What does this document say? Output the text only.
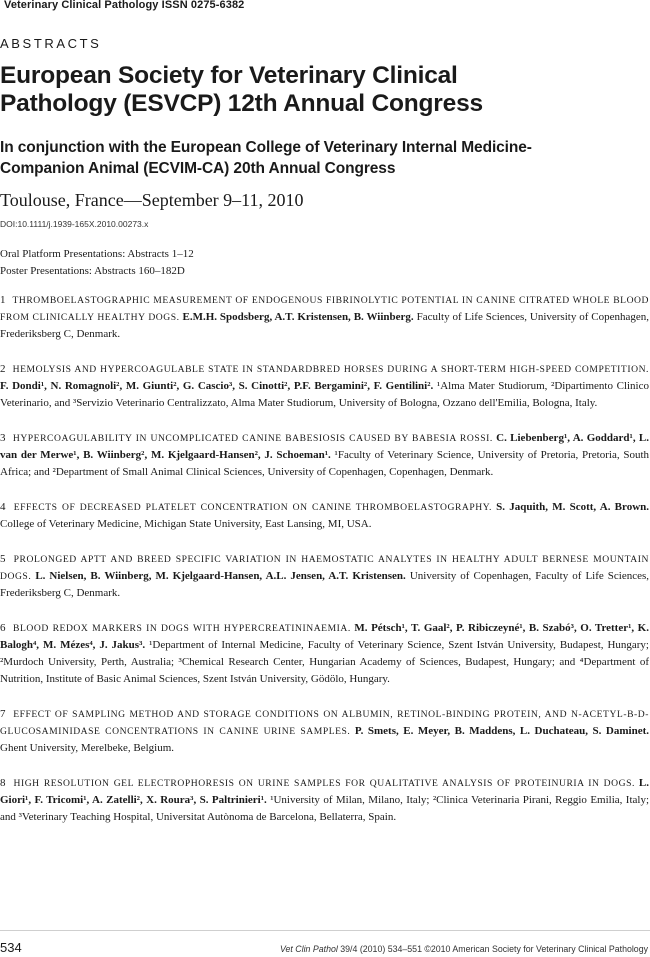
Veterinary Clinical Pathology ISSN 0275-6382
ABSTRACTS
European Society for Veterinary Clinical
Pathology (ESVCP) 12th Annual Congress
In conjunction with the European College of Veterinary Internal Medicine-
Companion Animal (ECVIM-CA) 20th Annual Congress
Toulouse, France—September 9–11, 2010
DOI:10.1111/j.1939-165X.2010.00273.x
Oral Platform Presentations: Abstracts 1–12
Poster Presentations: Abstracts 160–182D

1 THROMBOELASTOGRAPHIC MEASUREMENT OF ENDOGENOUS FIBRINOLYTIC POTENTIAL IN CANINE CITRATED WHOLE BLOOD FROM CLINICALLY HEALTHY DOGS. E.M.H. Spodsberg, A.T. Kristensen, B. Wiinberg. Faculty of Life Sciences, University of Copenhagen, Frederiksberg C, Denmark.

2 HEMOLYSIS AND HYPERCOAGULABLE STATE IN STANDARDBRED HORSES DURING A SHORT-TERM HIGH-SPEED COMPETITION. F. Dondi¹, N. Romagnoli², M. Giunti², G. Cascio³, S. Cinotti², P.F. Bergamini², F. Gentilini². ¹Alma Mater Studiorum, ²Dipartimento Clinico Veterinario, and ³Servizio Veterinario Centralizzato, Alma Mater Studiorum, University of Bologna, Ozzano dell'Emilia, Bologna, Italy.

3 HYPERCOAGULABILITY IN UNCOMPLICATED CANINE BABESIOSIS CAUSED BY BABESIA ROSSI. C. Liebenberg¹, A. Goddard¹, L. van der Merwe¹, B. Wiinberg², M. Kjelgaard-Hansen², J. Schoeman¹. ¹Faculty of Veterinary Science, University of Pretoria, Pretoria, South Africa; and ²Department of Small Animal Clinical Sciences, University of Copenhagen, Copenhagen, Denmark.

4 EFFECTS OF DECREASED PLATELET CONCENTRATION ON CANINE THROMBOELASTOGRAPHY. S. Jaquith, M. Scott, A. Brown. College of Veterinary Medicine, Michigan State University, East Lansing, MI, USA.

5 PROLONGED APTT AND BREED SPECIFIC VARIATION IN HAEMOSTATIC ANALYTES IN HEALTHY ADULT BERNESE MOUNTAIN DOGS. L. Nielsen, B. Wiinberg, M. Kjelgaard-Hansen, A.L. Jensen, A.T. Kristensen. University of Copenhagen, Faculty of Life Sciences, Frederiksberg C, Denmark.

6 BLOOD REDOX MARKERS IN DOGS WITH HYPERCREATININAEMIA. M. Pétsch¹, T. Gaal², P. Ribiczeyné¹, B. Szabó³, O. Tretter¹, K. Balogh⁴, M. Mézes⁴, J. Jakus³. ¹Department of Internal Medicine, Faculty of Veterinary Science, Szent István University, Budapest, Hungary; ²Murdoch University, Perth, Australia; ³Chemical Research Center, Hungarian Academy of Sciences, Budapest, Hungary; and ⁴Department of Nutrition, Institute of Basic Animal Sciences, Szent István University, Gödölo, Hungary.

7 EFFECT OF SAMPLING METHOD AND STORAGE CONDITIONS ON ALBUMIN, RETINOL-BINDING PROTEIN, AND N-ACETYL-Β-D-GLUCOSAMINIDASE CONCENTRATIONS IN CANINE URINE SAMPLES. P. Smets, E. Meyer, B. Maddens, L. Duchateau, S. Daminet. Ghent University, Merelbeke, Belgium.

8 HIGH RESOLUTION GEL ELECTROPHORESIS ON URINE SAMPLES FOR QUALITATIVE ANALYSIS OF PROTEINURIA IN DOGS. L. Giori¹, F. Tricomi¹, A. Zatelli², X. Roura³, S. Paltrinieri¹. ¹University of Milan, Milano, Italy; ²Clinica Veterinaria Pirani, Reggio Emilia, Italy; and ³Veterinary Teaching Hospital, Universitat Autònoma de Barcelona, Bellaterra, Spain.

534	Vet Clin Pathol 39/4 (2010) 534–551 ©2010 American Society for Veterinary Clinical Pathology
